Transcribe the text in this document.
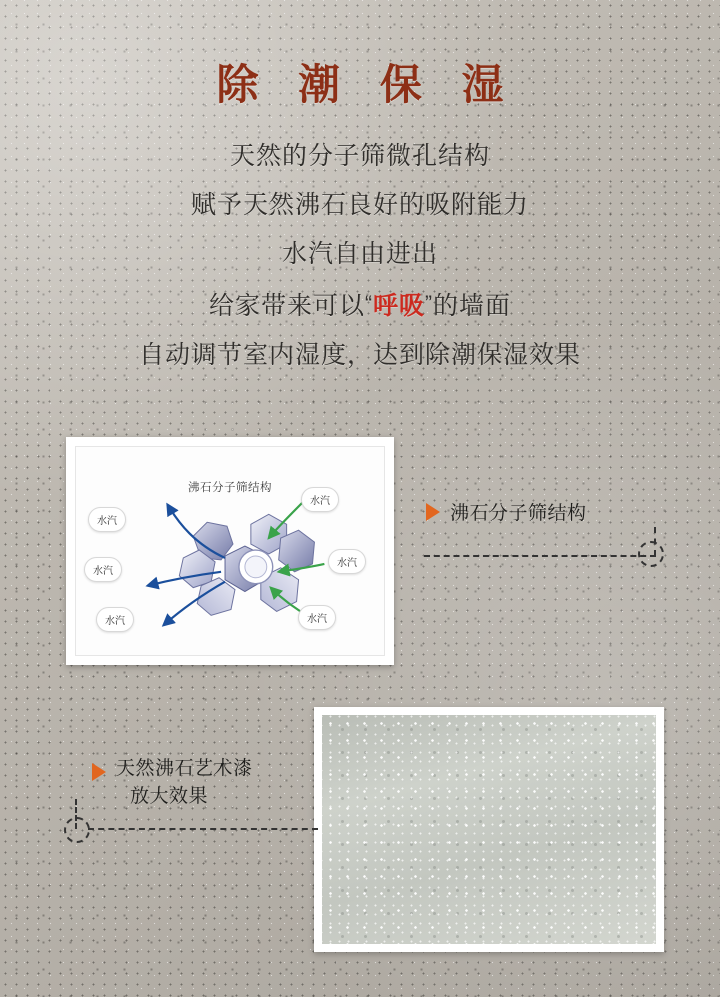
除 潮 保 湿
天然的分子筛微孔结构
赋予天然沸石良好的吸附能力
水汽自由进出
给家带来可以“呼吸”的墙面
自动调节室内湿度，达到除潮保湿效果
沸石分子筛结构
水汽
水汽
水汽
水汽
水汽
水汽
沸石分子筛结构
天然沸石艺术漆
放大效果
